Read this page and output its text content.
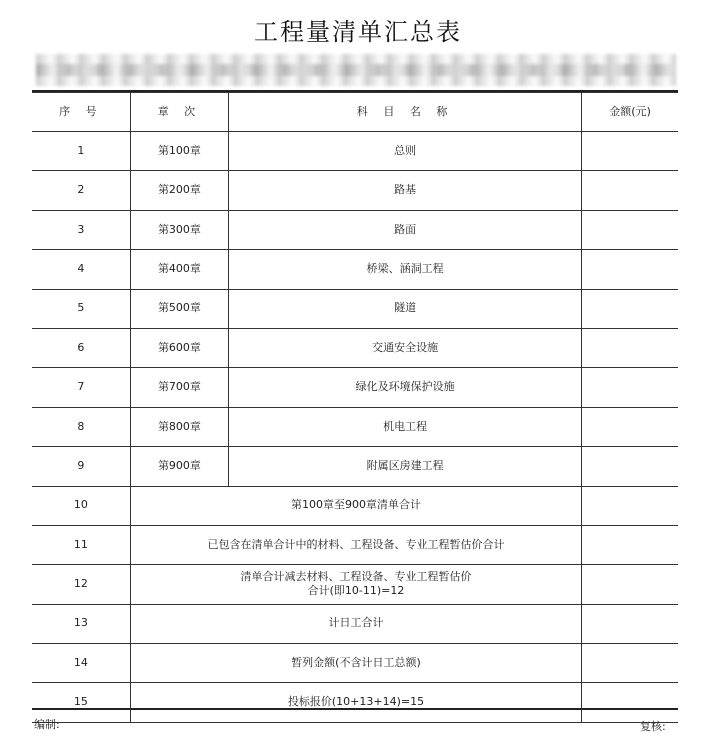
工程量清单汇总表
序 号	章 次	科 目 名 称	金额(元)
1	第100章	总则	
2	第200章	路基	
3	第300章	路面	
4	第400章	桥梁、涵洞工程	
5	第500章	隧道	
6	第600章	交通安全设施	
7	第700章	绿化及环境保护设施	
8	第800章	机电工程	
9	第900章	附属区房建工程	
10	第100章至900章清单合计		
11	已包含在清单合计中的材料、工程设备、专业工程暂估价合计		
12	清单合计减去材料、工程设备、专业工程暂估价
合计(即10-11)=12		

13	计日工合计		
14	暂列金额(不含计日工总额)		
15	投标报价(10+13+14)=15		
编制:	复核:
